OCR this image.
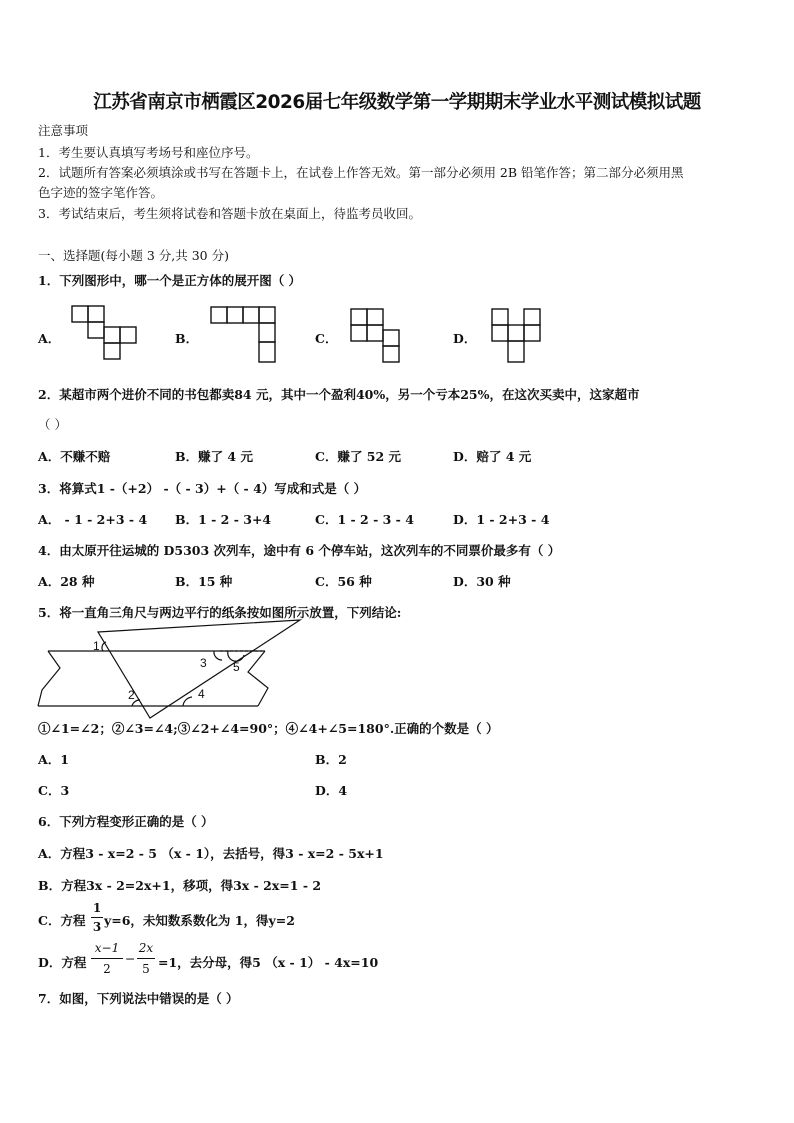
江苏省南京市栖霞区2026届七年级数学第一学期期末学业水平测试模拟试题
注意事项
1．考生要认真填写考场号和座位序号。
2．试题所有答案必须填涂或书写在答题卡上，在试卷上作答无效。第一部分必须用 2B 铅笔作答；第二部分必须用黑
色字迹的签字笔作答。
3．考试结束后，考生须将试卷和答题卡放在桌面上，待监考员收回。
一、选择题(每小题 3 分,共 30 分)
1．下列图形中，哪一个是正方体的展开图（ ）
A．	B．	C．	D．
2．某超市两个进价不同的书包都卖84 元，其中一个盈利40%，另一个亏本25%，在这次买卖中，这家超市
（ ）
A．不赚不赔	B．赚了 4 元	C．赚了 52 元	D．赔了 4 元
3．将算式1 -（+2） -（ - 3）+（ - 4）写成和式是（ ）
A． - 1 - 2+3 - 4 B．1 - 2 - 3+4	C．1 - 2 - 3 - 4	D．1 - 2+3 - 4
4．由太原开往运城的 D5303 次列车，途中有 6 个停车站，这次列车的不同票价最多有（ ）
A．28 种	B．15 种	C．56 种	D．30 种
5．将一直角三角尺与两边平行的纸条按如图所示放置，下列结论:
1
2
3
4
5
①∠1=∠2；②∠3=∠4;③∠2+∠4=90°；④∠4+∠5=180°.正确的个数是（ ）
A．1	B．2
C．3	D．4
6．下列方程变形正确的是（ ）
A．方程3 - x=2 - 5 （x - 1），去括号，得3 - x=2 - 5x+1
B．方程3x - 2=2x+1，移项，得3x - 2x=1 - 2
C．方程
1
3 y=6，未知数系数化为 1，得y=2
D．方程
x−1
2
−
2x
5 =1，去分母，得5 （x - 1） - 4x=10
7．如图，下列说法中错误的是（ ）
